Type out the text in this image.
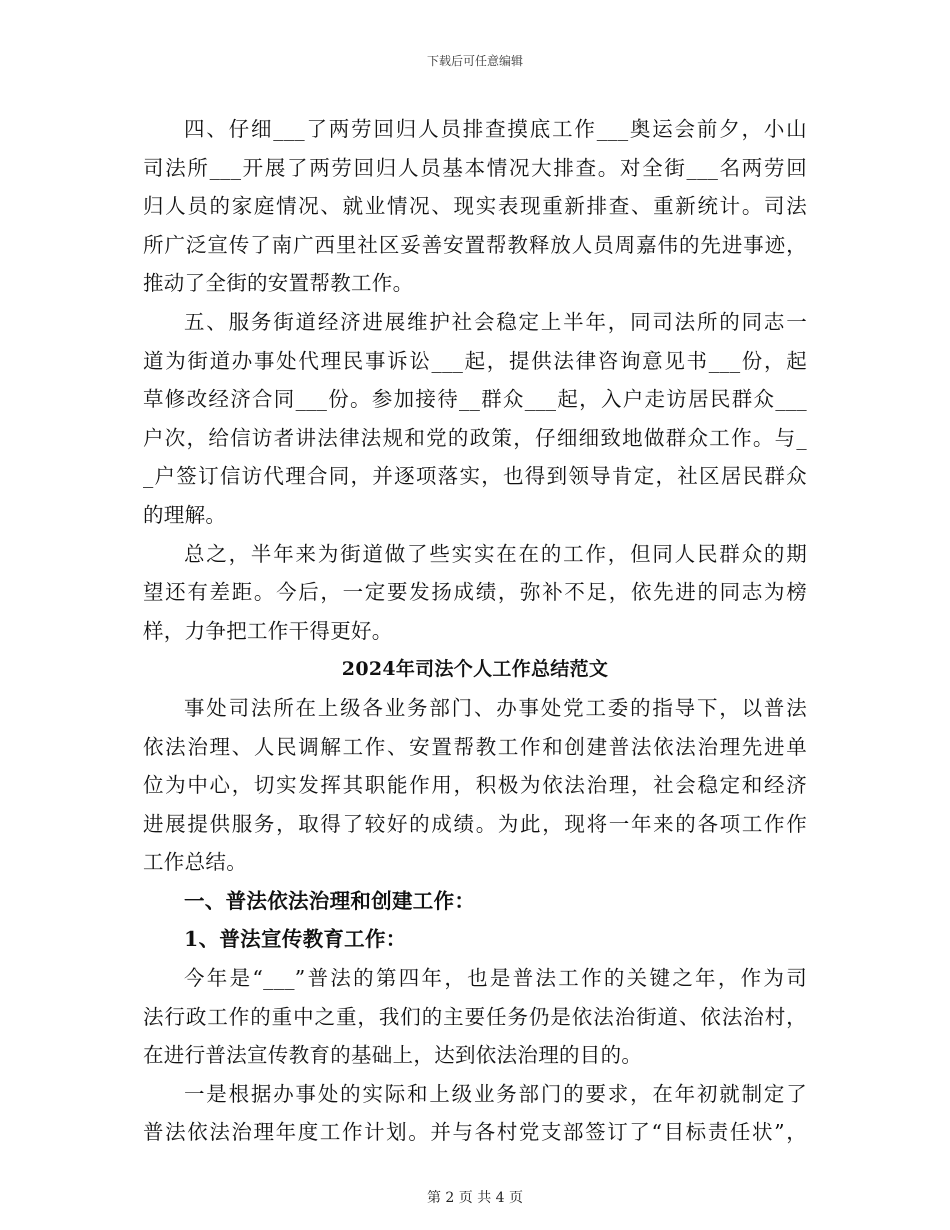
下载后可任意编辑
四、仔细___了两劳回归人员排查摸底工作___奥运会前夕，小山
司法所___开展了两劳回归人员基本情况大排查。对全街___名两劳回
归人员的家庭情况、就业情况、现实表现重新排查、重新统计。司法
所广泛宣传了南广西里社区妥善安置帮教释放人员周嘉伟的先进事迹，
推动了全街的安置帮教工作。
五、服务街道经济进展维护社会稳定上半年，同司法所的同志一
道为街道办事处代理民事诉讼___起，提供法律咨询意见书___份，起
草修改经济合同___份。参加接待__群众___起，入户走访居民群众___
户次，给信访者讲法律法规和党的政策，仔细细致地做群众工作。与_
_户签订信访代理合同，并逐项落实，也得到领导肯定，社区居民群众
的理解。
总之，半年来为街道做了些实实在在的工作，但同人民群众的期
望还有差距。今后，一定要发扬成绩，弥补不足，依先进的同志为榜
样，力争把工作干得更好。
2024年司法个人工作总结范文
事处司法所在上级各业务部门、办事处党工委的指导下，以普法
依法治理、人民调解工作、安置帮教工作和创建普法依法治理先进单
位为中心，切实发挥其职能作用，积极为依法治理，社会稳定和经济
进展提供服务，取得了较好的成绩。为此，现将一年来的各项工作作
工作总结。
一、普法依法治理和创建工作：
1、普法宣传教育工作：
今年是“___”普法的第四年，也是普法工作的关键之年，作为司
法行政工作的重中之重，我们的主要任务仍是依法治街道、依法治村，
在进行普法宣传教育的基础上，达到依法治理的目的。
一是根据办事处的实际和上级业务部门的要求，在年初就制定了
普法依法治理年度工作计划。并与各村党支部签订了“目标责任状”，
第 2 页 共 4 页
